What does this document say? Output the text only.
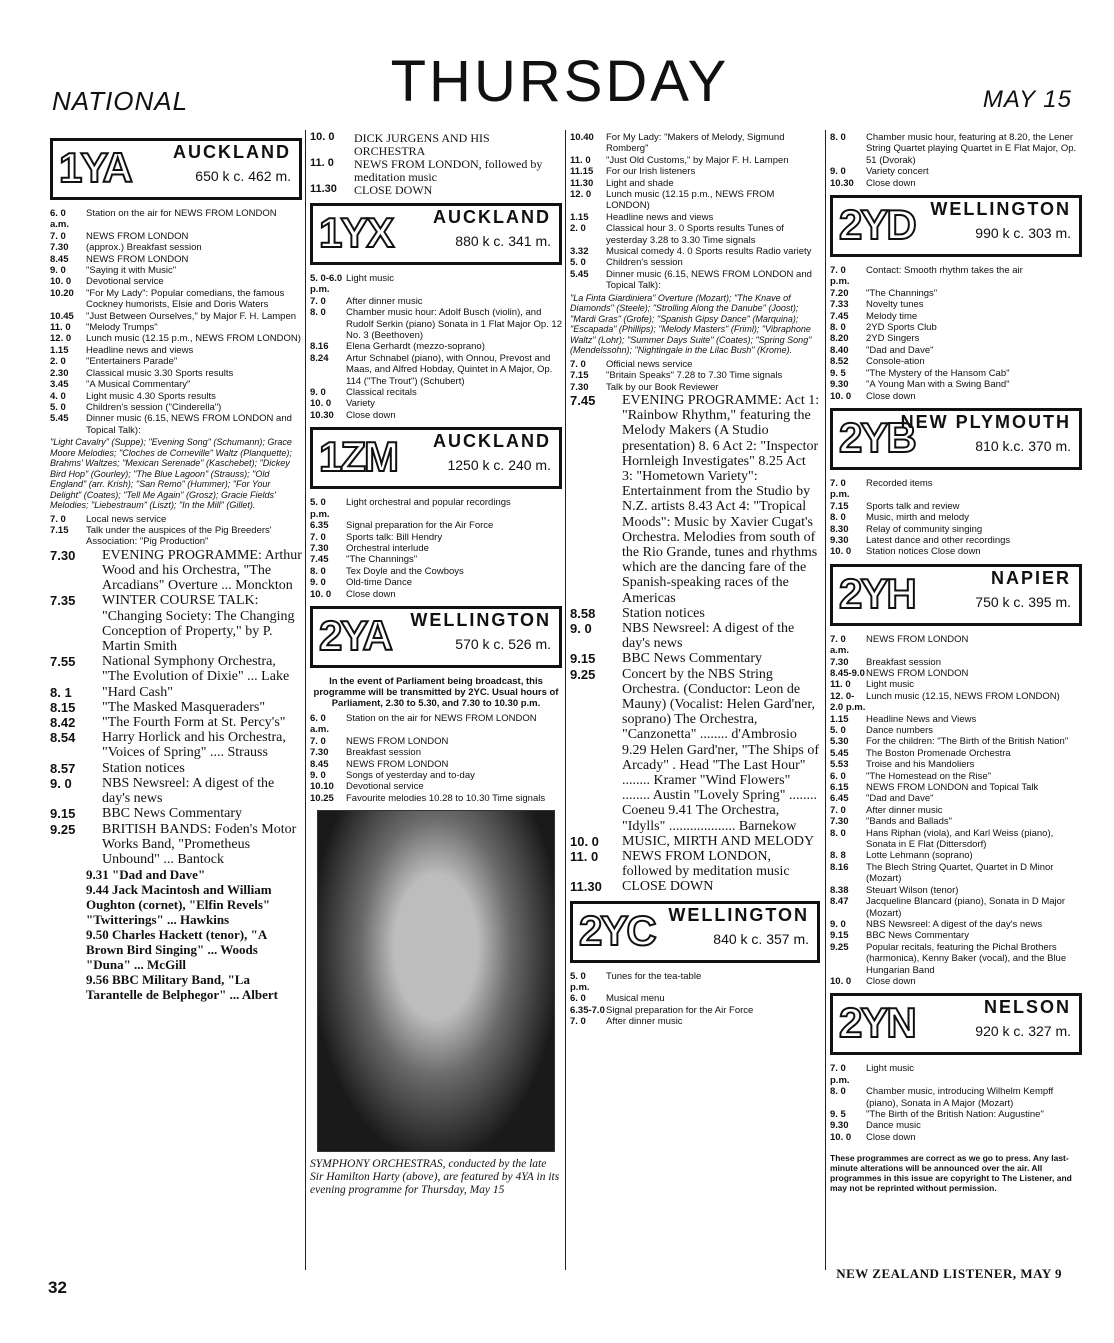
NATIONAL	THURSDAY	MAY 15
1YA AUCKLAND
650 k c. 462 m.
6. 0 a.m.
Station on the air for NEWS FROM LONDON
7. 0	NEWS FROM LONDON
7.30	(approx.) Breakfast session
8.45	NEWS FROM LONDON
9. 0	"Saying it with Music"
10. 0	Devotional service
10.20	"For My Lady": Popular comedians, the famous Cockney humorists, Elsie and Doris Waters
10.45	"Just Between Ourselves," by Major F. H. Lampen
11. 0	"Melody Trumps"
12. 0	Lunch music (12.15 p.m., NEWS FROM LONDON)
1.15	Headline news and views
2. 0	"Entertainers Parade"
2.30	Classical music 3.30 Sports results
3.45	"A Musical Commentary"
4. 0	Light music 4.30 Sports results
5. 0	Children's session ("Cinderella")
5.45	Dinner music (6.15, NEWS FROM LONDON and Topical Talk):
"Light Cavalry" (Suppe); "Evening Song" (Schumann); Grace Moore Melodies; "Cloches de Corneville" Waltz (Planquette); Brahms' Waltzes; "Mexican Serenade" (Kaschebet); "Dickey Bird Hop" (Gourley); "The Blue Lagoon" (Strauss); "Old England" (arr. Krish); "San Remo" (Hummer); "For Your Delight" (Coates); "Tell Me Again" (Grosz); Gracie Fields' Melodies; "Liebestraum" (Liszt); "In the Mill" (Gillet).
7. 0	Local news service
7.15	Talk under the auspices of the Pig Breeders' Association: "Pig Production"
7.30	EVENING PROGRAMME: Arthur Wood and his Orchestra, "The Arcadians" Overture ... Monckton
7.35	WINTER COURSE TALK: "Changing Society: The Changing Conception of Property," by P. Martin Smith
7.55	National Symphony Orchestra, "The Evolution of Dixie" ... Lake
8. 1	"Hard Cash"
8.15	"The Masked Masqueraders"
8.42	"The Fourth Form at St. Percy's"
8.54	Harry Horlick and his Orchestra, "Voices of Spring" .... Strauss
8.57	Station notices
9. 0	NBS Newsreel: A digest of the day's news
9.15	BBC News Commentary
9.25	BRITISH BANDS: Foden's Motor Works Band, "Prometheus Unbound" ... Bantock
9.31 "Dad and Dave"
9.44 Jack Macintosh and William Oughton (cornet), "Elfin Revels"
"Twitterings" ... Hawkins
9.50 Charles Hackett (tenor), "A Brown Bird Singing" ... Woods
"Duna" ... McGill
9.56 BBC Military Band, "La Tarantelle de Belphegor" ... Albert
10. 0	DICK JURGENS AND HIS ORCHESTRA
11. 0	NEWS FROM LONDON, followed by meditation music
11.30	CLOSE DOWN
1YX AUCKLAND
880 k c. 341 m.
5. 0-6.0 p.m.
Light music
7. 0	After dinner music
8. 0	Chamber music hour: Adolf Busch (violin), and Rudolf Serkin (piano) Sonata in 1 Flat Major Op. 12 No. 3 (Beethoven)
8.16	Elena Gerhardt (mezzo-soprano)
8.24	Artur Schnabel (piano), with Onnou, Prevost and Maas, and Alfred Hobday, Quintet in A Major, Op. 114 ("The Trout") (Schubert)
9. 0	Classical recitals
10. 0	Variety
10.30	Close down
1ZM AUCKLAND
1250 k c. 240 m.
5. 0 p.m.
Light orchestral and popular recordings
6.35	Signal preparation for the Air Force
7. 0	Sports talk: Bill Hendry
7.30	Orchestral interlude
7.45	"The Channings"
8. 0	Tex Doyle and the Cowboys
9. 0	Old-time Dance
10. 0	Close down
2YA WELLINGTON
570 k c. 526 m.
In the event of Parliament being broadcast, this programme will be transmitted by 2YC. Usual hours of Parliament, 2.30 to 5.30, and 7.30 to 10.30 p.m.
6. 0 a.m.
Station on the air for NEWS FROM LONDON
7. 0	NEWS FROM LONDON
7.30	Breakfast session
8.45	NEWS FROM LONDON
9. 0	Songs of yesterday and to-day
10.10	Devotional service
10.25	Favourite melodies 10.28 to 10.30 Time signals
SYMPHONY ORCHESTRAS, conducted by the late Sir Hamilton Harty (above), are featured by 4YA in its evening programme for Thursday, May 15
10.40	For My Lady: "Makers of Melody, Sigmund Romberg"
11. 0	"Just Old Customs," by Major F. H. Lampen
11.15	For our Irish listeners
11.30	Light and shade
12. 0	Lunch music (12.15 p.m., NEWS FROM LONDON)
1.15	Headline news and views
2. 0	Classical hour 3. 0 Sports results Tunes of yesterday 3.28 to 3.30 Time signals
3.32	Musical comedy 4. 0 Sports results Radio variety
5. 0	Children's session
5.45	Dinner music (6.15, NEWS FROM LONDON and Topical Talk):
"La Finta Giardiniera" Overture (Mozart); "The Knave of Diamonds" (Steele); "Strolling Along the Danube" (Joost); "Mardi Gras" (Grofe); "Spanish Gipsy Dance" (Marquina); "Escapada" (Phillips); "Melody Masters" (Friml); "Vibraphone Waltz" (Lohr); "Summer Days Suite" (Coates); "Spring Song" (Mendelssohn); "Nightingale in the Lilac Bush" (Krome).
7. 0	Official news service
7.15	"Britain Speaks" 7.28 to 7.30 Time signals
7.30	Talk by our Book Reviewer
7.45	EVENING PROGRAMME: Act 1: "Rainbow Rhythm," featuring the Melody Makers (A Studio presentation) 8. 6 Act 2: "Inspector Hornleigh Investigates" 8.25 Act 3: "Hometown Variety": Entertainment from the Studio by N.Z. artists 8.43 Act 4: "Tropical Moods": Music by Xavier Cugat's Orchestra. Melodies from south of the Rio Grande, tunes and rhythms which are the dancing fare of the Spanish-speaking races of the Americas
8.58	Station notices
9. 0	NBS Newsreel: A digest of the day's news
9.15	BBC News Commentary
9.25	Concert by the NBS String Orchestra. (Conductor: Leon de Mauny) (Vocalist: Helen Gard'ner, soprano) The Orchestra, "Canzonetta" ........ d'Ambrosio 9.29 Helen Gard'ner, "The Ships of Arcady" . Head "The Last Hour" ........ Kramer "Wind Flowers" ........ Austin "Lovely Spring" ........ Coeneu 9.41 The Orchestra, "Idylls" ................... Barnekow
10. 0	MUSIC, MIRTH AND MELODY
11. 0	NEWS FROM LONDON, followed by meditation music
11.30	CLOSE DOWN
2YC WELLINGTON
840 k c. 357 m.
5. 0 p.m.
Tunes for the tea-table
6. 0	Musical menu
6.35-7.0 Signal preparation for the Air Force
7. 0	After dinner music
8. 0	Chamber music hour, featuring at 8.20, the Lener String Quartet playing Quartet in E Flat Major, Op. 51 (Dvorak)
9. 0	Variety concert
10.30	Close down
2YD WELLINGTON
990 k c. 303 m.
7. 0 p.m.
Contact: Smooth rhythm takes the air
7.20	"The Channings"
7.33	Novelty tunes
7.45	Melody time
8. 0	2YD Sports Club
8.20	2YD Singers
8.40	"Dad and Dave"
8.52	Console-ation
9. 5	"The Mystery of the Hansom Cab"
9.30	"A Young Man with a Swing Band"
10. 0	Close down
2YB
NEW PLYMOUTH
810 k.c. 370 m.
7. 0 p.m.
Recorded items
7.15	Sports talk and review
8. 0	Music, mirth and melody
8.30	Relay of community singing
9.30	Latest dance and other recordings
10. 0	Station notices Close down
2YH	NAPIER
750 k c. 395 m.
7. 0 a.m.
NEWS FROM LONDON
7.30	Breakfast session
8.45-9.0 NEWS FROM LONDON
11. 0	Light music
12. 0-2.0 p.m.
Lunch music (12.15, NEWS FROM LONDON)
1.15	Headline News and Views
5. 0	Dance numbers
5.30	For the children: "The Birth of the British Nation"
5.45	The Boston Promenade Orchestra
5.53	Troise and his Mandoliers
6. 0	"The Homestead on the Rise"
6.15	NEWS FROM LONDON and Topical Talk
6.45	"Dad and Dave"
7. 0	After dinner music
7.30	"Bands and Ballads"
8. 0	Hans Riphan (viola), and Karl Weiss (piano), Sonata in E Flat (Dittersdorf)
8. 8	Lotte Lehmann (soprano)
8.16	The Blech String Quartet, Quartet in D Minor (Mozart)
8.38	Steuart Wilson (tenor)
8.47	Jacqueline Blancard (piano), Sonata in D Major (Mozart)
9. 0	NBS Newsreel: A digest of the day's news
9.15	BBC News Commentary
9.25	Popular recitals, featuring the Pichal Brothers (harmonica), Kenny Baker (vocal), and the Blue Hungarian Band
10. 0	Close down
2YN	NELSON
920 k c. 327 m.
7. 0 p.m.
Light music
8. 0	Chamber music, introducing Wilhelm Kempff (piano), Sonata in A Major (Mozart)
9. 5	"The Birth of the British Nation: Augustine"
9.30	Dance music
10. 0	Close down
These programmes are correct as we go to press. Any last-minute alterations will be announced over the air. All programmes in this issue are copyright to The Listener, and may not be reprinted without permission.
32
NEW ZEALAND LISTENER, MAY 9
